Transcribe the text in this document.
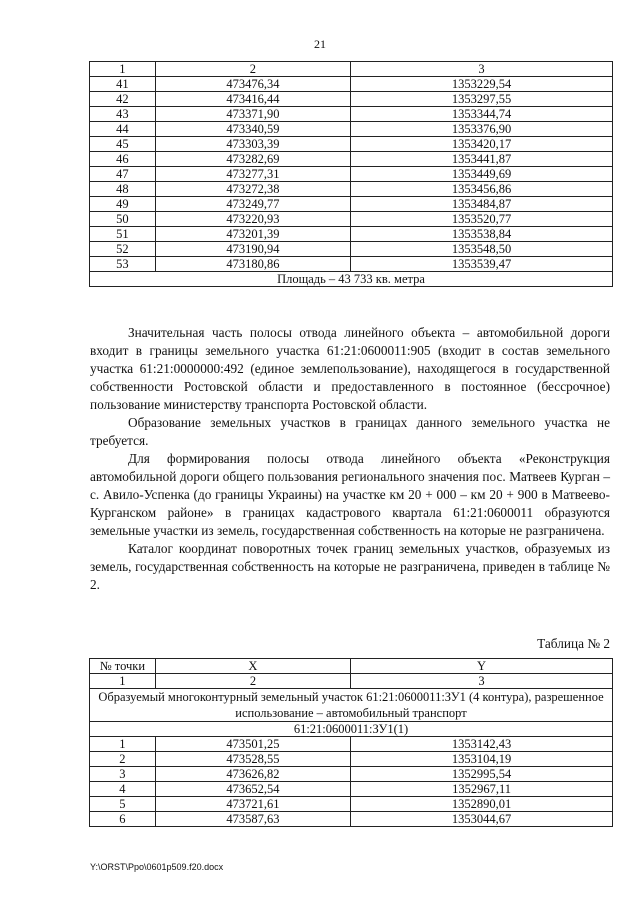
21
1	2	3
41	473476,34	1353229,54
42	473416,44	1353297,55
43	473371,90	1353344,74
44	473340,59	1353376,90
45	473303,39	1353420,17
46	473282,69	1353441,87
47	473277,31	1353449,69
48	473272,38	1353456,86
49	473249,77	1353484,87
50	473220,93	1353520,77
51	473201,39	1353538,84
52	473190,94	1353548,50
53	473180,86	1353539,47
Площадь – 43 733 кв. метра		

Значительная часть полосы отвода линейного объекта – автомобильной дороги входит в границы земельного участка 61:21:0600011:905 (входит в состав земельного участка 61:21:0000000:492 (единое землепользование), находящегося в государственной собственности Ростовской области и предоставленного в постоянное (бессрочное) пользование министерству транспорта Ростовской области.

Образование земельных участков в границах данного земельного участка не требуется.

Для формирования полосы отвода линейного объекта «Реконструкция автомобильной дороги общего пользования регионального значения пос. Матвеев Курган – с. Авило-Успенка (до границы Украины) на участке км 20 + 000 – км 20 + 900 в Матвеево-Курганском районе» в границах кадастрового квартала 61:21:0600011 образуются земельные участки из земель, государственная собственность на которые не разграничена.

Каталог координат поворотных точек границ земельных участков, образуемых из земель, государственная собственность на которые не разграничена, приведен в таблице № 2.

Таблица № 2
№ точки	X	Y
1	2	3
Образуемый многоконтурный земельный участок 61:21:0600011:ЗУ1 (4 контура), разрешенное использование – автомобильный транспорт		
61:21:0600011:ЗУ1(1)		
1	473501,25	1353142,43
2	473528,55	1353104,19
3	473626,82	1352995,54
4	473652,54	1352967,11
5	473721,61	1352890,01
6	473587,63	1353044,67
Y:\ORST\Ppo\0601p509.f20.docx
